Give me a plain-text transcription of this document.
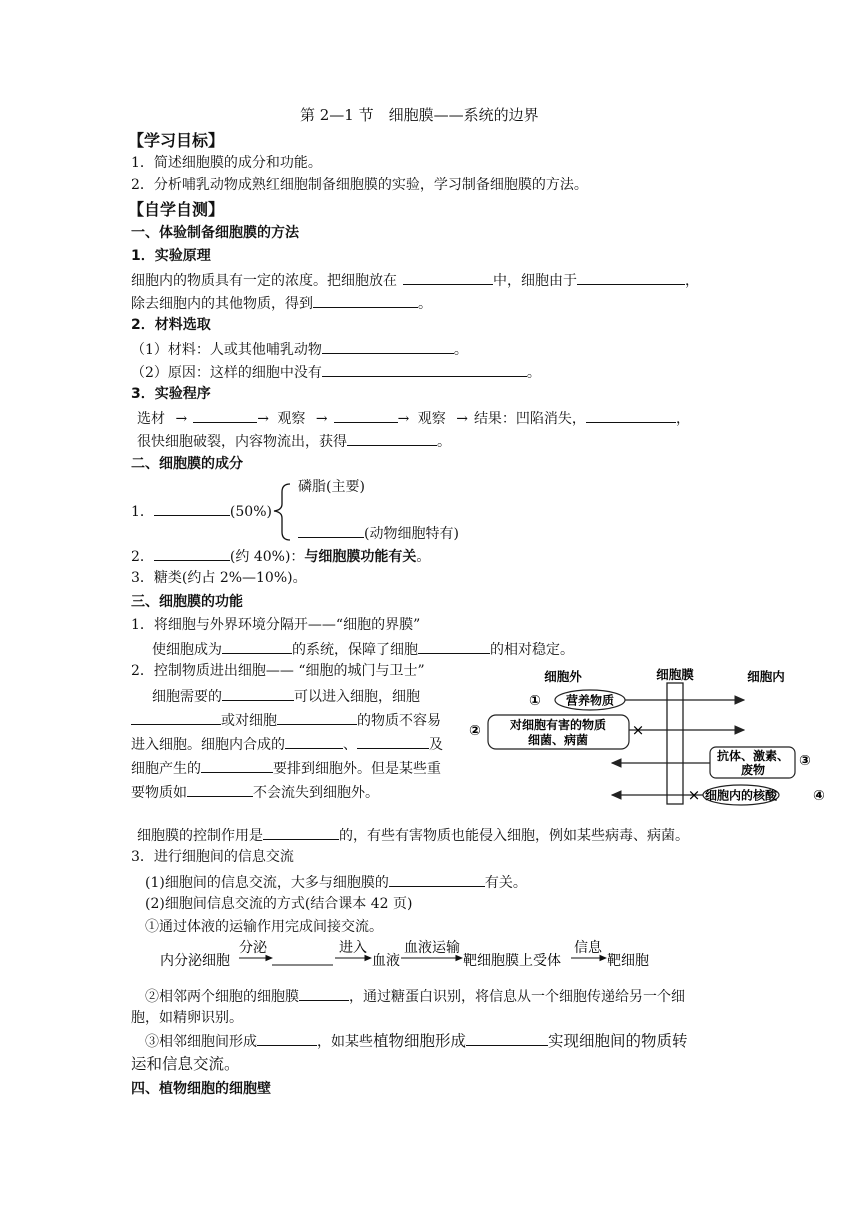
第 2—1 节　细胞膜——系统的边界
【学习目标】
1．简述细胞膜的成分和功能。
2．分析哺乳动物成熟红细胞制备细胞膜的实验，学习制备细胞膜的方法。
【自学自测】
一、体验制备细胞膜的方法
1．实验原理
细胞内的物质具有一定的浓度。把细胞放在	中，细胞由于	，
除去细胞内的其他物质，得到	。
2．材料选取
（1）材料：人或其他哺乳动物	。
（2）原因：这样的细胞中没有	。
3．实验程序
选材 →	→ 观察 →	→ 观察 → 结果：凹陷消失，	，
很快细胞破裂，内容物流出，获得	。
二、细胞膜的成分
磷脂(主要)
1．	(50%)
(动物细胞特有)
2．	(约 40%)：与细胞膜功能有关。
3．糖类(约占 2%—10%)。
三、细胞膜的功能
1．将细胞与外界环境分隔开——“细胞的界膜”
使细胞成为	的系统，保障了细胞	的相对稳定。
2．控制物质进出细胞—— “细胞的城门与卫士”
细胞需要的	可以进入细胞，细胞
或对细胞	的物质不容易
进入细胞。细胞内合成的	、	及
细胞产生的	要排到细胞外。但是某些重
要物质如	不会流失到细胞外。
细胞外	细胞膜	细胞内
① 营养物质
② 对细胞有害的物质
细菌、病菌
×
抗体、激素、
废物
③
细胞内的核酸	④
×
细胞膜的控制作用是	的，有些有害物质也能侵入细胞，例如某些病毒、病菌。
3．进行细胞间的信息交流
(1)细胞间的信息交流，大多与细胞膜的	有关。
(2)细胞间信息交流的方式(结合课本 42 页)
①通过体液的运输作用完成间接交流。
内分泌细胞
分泌	进入
血液
血液运输
靶细胞膜上受体
信息
靶细胞
②相邻两个细胞的细胞膜	，通过糖蛋白识别，将信息从一个细胞传递给另一个细
胞，如精卵识别。
③相邻细胞间形成	，如某些植物细胞形成	实现细胞间的物质转
运和信息交流。
四、植物细胞的细胞壁
